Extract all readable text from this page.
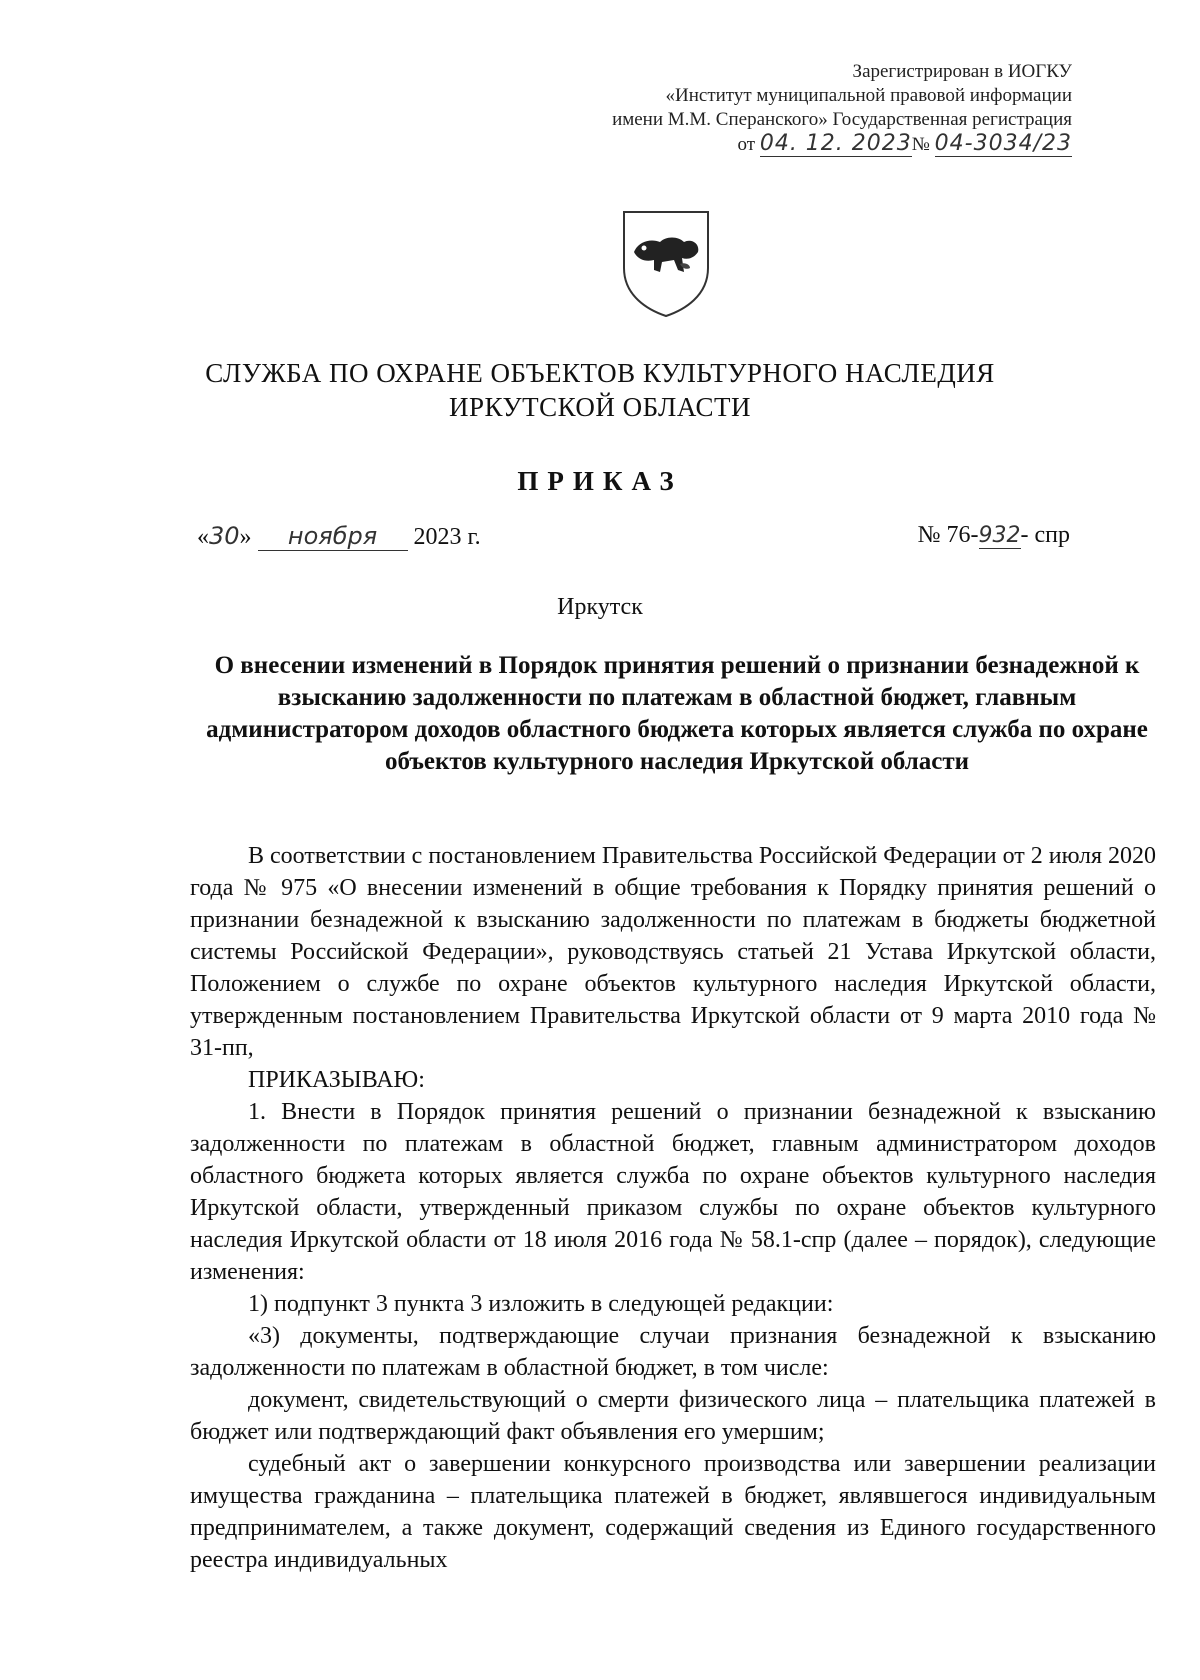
Зарегистрирован в ИОГКУ
«Институт муниципальной правовой информации
имени М.М. Сперанского» Государственная регистрация
от 04. 12. 2023№ 04-3034/23
СЛУЖБА ПО ОХРАНЕ ОБЪЕКТОВ КУЛЬТУРНОГО НАСЛЕДИЯ
ИРКУТСКОЙ ОБЛАСТИ
ПРИКАЗ
«30» ноября 2023 г.	№ 76-932- спр
Иркутск
О внесении изменений в Порядок принятия решений о признании безнадежной к взысканию задолженности по платежам в областной бюджет, главным администратором доходов областного бюджета которых является служба по охране объектов культурного наследия Иркутской области

В соответствии с постановлением Правительства Российской Федерации от 2 июля 2020 года № 975 «О внесении изменений в общие требования к Порядку принятия решений о признании безнадежной к взысканию задолженности по платежам в бюджеты бюджетной системы Российской Федерации», руководствуясь статьей 21 Устава Иркутской области, Положением о службе по охране объектов культурного наследия Иркутской области, утвержденным постановлением Правительства Иркутской области от 9 марта 2010 года № 31-пп,

ПРИКАЗЫВАЮ:

1. Внести в Порядок принятия решений о признании безнадежной к взысканию задолженности по платежам в областной бюджет, главным администратором доходов областного бюджета которых является служба по охране объектов культурного наследия Иркутской области, утвержденный приказом службы по охране объектов культурного наследия Иркутской области от 18 июля 2016 года № 58.1-спр (далее – порядок), следующие изменения:

1) подпункт 3 пункта 3 изложить в следующей редакции:

«3) документы, подтверждающие случаи признания безнадежной к взысканию задолженности по платежам в областной бюджет, в том числе:

документ, свидетельствующий о смерти физического лица – плательщика платежей в бюджет или подтверждающий факт объявления его умершим;

судебный акт о завершении конкурсного производства или завершении реализации имущества гражданина – плательщика платежей в бюджет, являвшегося индивидуальным предпринимателем, а также документ, содержащий сведения из Единого государственного реестра индивидуальных
